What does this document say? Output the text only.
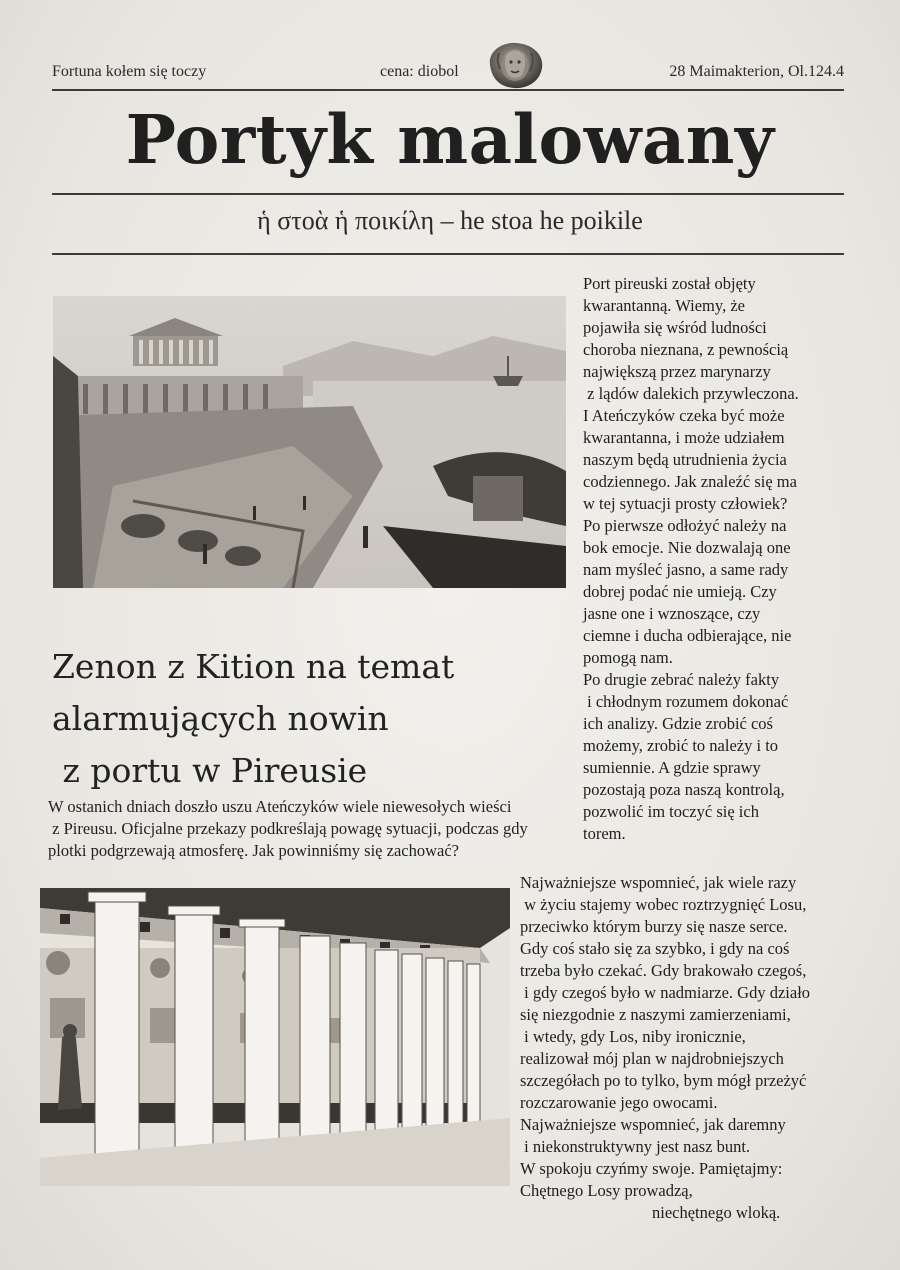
Fortuna kołem się toczy	cena: diobol	28 Maimakterion, Ol.124.4
Portyk malowany
ἡ στοὰ ἡ ποικίλη – he stoa he poikile
Zenon z Kition na temat
alarmujących nowin
z portu w Pireusie
W ostanich dniach doszło uszu Ateńczyków wiele niewesołych wieści
z Pireusu. Oficjalne przekazy podkreślają powagę sytuacji, podczas gdy
plotki podgrzewają atmosferę. Jak powinniśmy się zachować?
Port pireuski został objęty
kwarantanną. Wiemy, że
pojawiła się wśród ludności
choroba nieznana, z pewnością
największą przez marynarzy
z lądów dalekich przywleczona.
I Ateńczyków czeka być może
kwarantanna, i może udziałem
naszym będą utrudnienia życia
codziennego. Jak znaleźć się ma
w tej sytuacji prosty człowiek?
Po pierwsze odłożyć należy na
bok emocje. Nie dozwalają one
nam myśleć jasno, a same rady
dobrej podać nie umieją. Czy
jasne one i wznoszące, czy
ciemne i ducha odbierające, nie
pomogą nam.
Po drugie zebrać należy fakty
i chłodnym rozumem dokonać
ich analizy. Gdzie zrobić coś
możemy, zrobić to należy i to
sumiennie. A gdzie sprawy
pozostają poza naszą kontrolą,
pozwolić im toczyć się ich
torem.
Najważniejsze wspomnieć, jak wiele razy
w życiu stajemy wobec roztrzygnięć Losu,
przeciwko którym burzy się nasze serce.
Gdy coś stało się za szybko, i gdy na coś
trzeba było czekać. Gdy brakowało czegoś,
i gdy czegoś było w nadmiarze. Gdy działo
się niezgodnie z naszymi zamierzeniami,
i wtedy, gdy Los, niby ironicznie,
realizował mój plan w najdrobniejszych
szczegółach po to tylko, bym mógł przeżyć
rozczarowanie jego owocami.
Najważniejsze wspomnieć, jak daremny
i niekonstruktywny jest nasz bunt.
W spokoju czyńmy swoje. Pamiętajmy:
Chętnego Losy prowadzą,
niechętnego wloką.
